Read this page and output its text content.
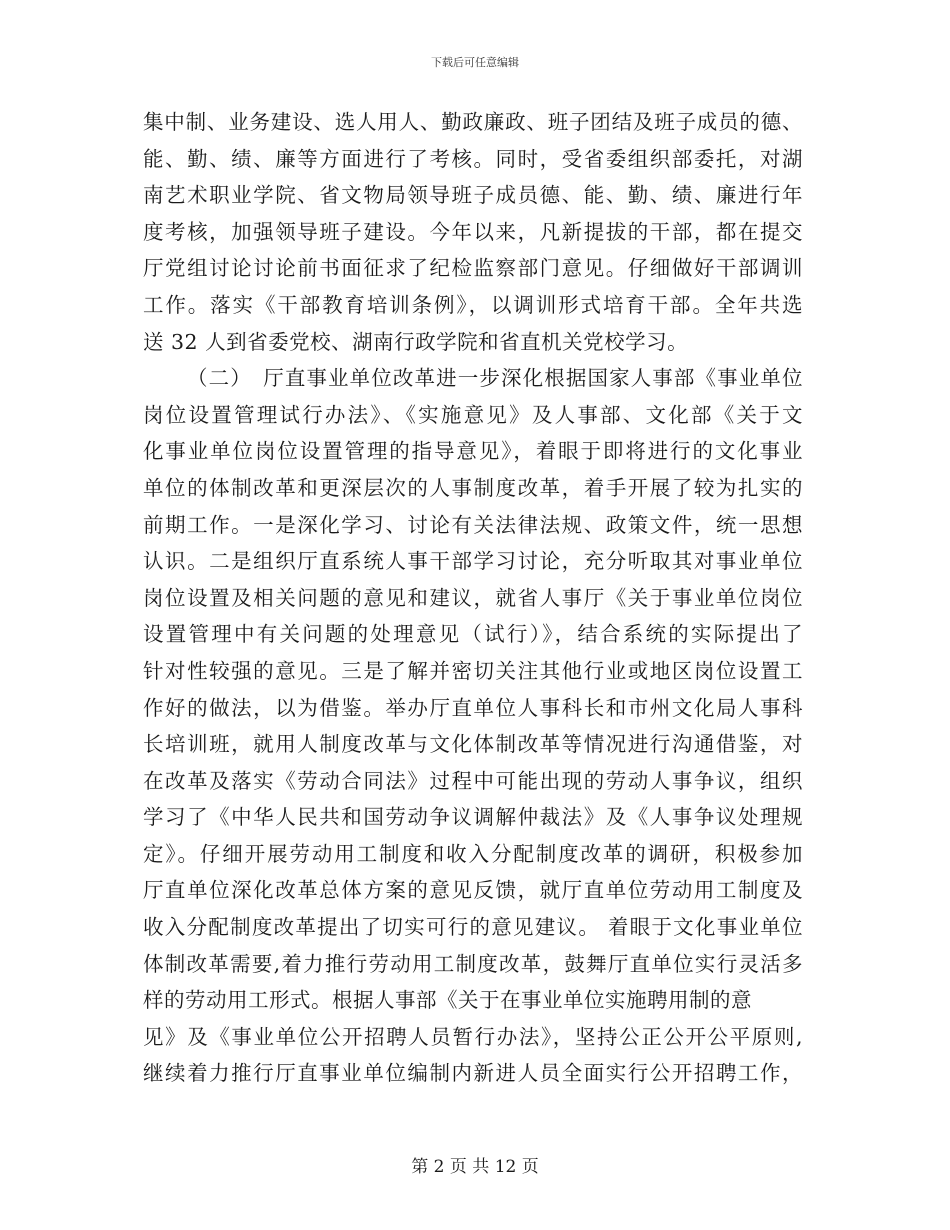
下载后可任意编辑
集中制、业务建设、选人用人、勤政廉政、班子团结及班子成员的德、
能、勤、绩、廉等方面进行了考核。同时，受省委组织部委托，对湖
南艺术职业学院、省文物局领导班子成员德、能、勤、绩、廉进行年
度考核，加强领导班子建设。今年以来，凡新提拔的干部，都在提交
厅党组讨论讨论前书面征求了纪检监察部门意见。仔细做好干部调训
工作。落实《干部教育培训条例》，以调训形式培育干部。全年共选
送 32 人到省委党校、湖南行政学院和省直机关党校学习。
（二）　厅直事业单位改革进一步深化根据国家人事部《事业单位
岗位设置管理试行办法》、《实施意见》及人事部、文化部《关于文
化事业单位岗位设置管理的指导意见》，着眼于即将进行的文化事业
单位的体制改革和更深层次的人事制度改革，着手开展了较为扎实的
前期工作。一是深化学习、讨论有关法律法规、政策文件，统一思想
认识。二是组织厅直系统人事干部学习讨论，充分听取其对事业单位
岗位设置及相关问题的意见和建议，就省人事厅《关于事业单位岗位
设置管理中有关问题的处理意见（试行）》，结合系统的实际提出了
针对性较强的意见。三是了解并密切关注其他行业或地区岗位设置工
作好的做法，以为借鉴。举办厅直单位人事科长和市州文化局人事科
长培训班，就用人制度改革与文化体制改革等情况进行沟通借鉴，对
在改革及落实《劳动合同法》过程中可能出现的劳动人事争议，组织
学习了《中华人民共和国劳动争议调解仲裁法》及《人事争议处理规
定》。仔细开展劳动用工制度和收入分配制度改革的调研，积极参加
厅直单位深化改革总体方案的意见反馈，就厅直单位劳动用工制度及
收入分配制度改革提出了切实可行的意见建议。 着眼于文化事业单位
体制改革需要,着力推行劳动用工制度改革，鼓舞厅直单位实行灵活多
样的劳动用工形式。根据人事部《关于在事业单位实施聘用制的意
见》及《事业单位公开招聘人员暂行办法》，坚持公正公开公平原则,
继续着力推行厅直事业单位编制内新进人员全面实行公开招聘工作，
第 2 页 共 12 页
